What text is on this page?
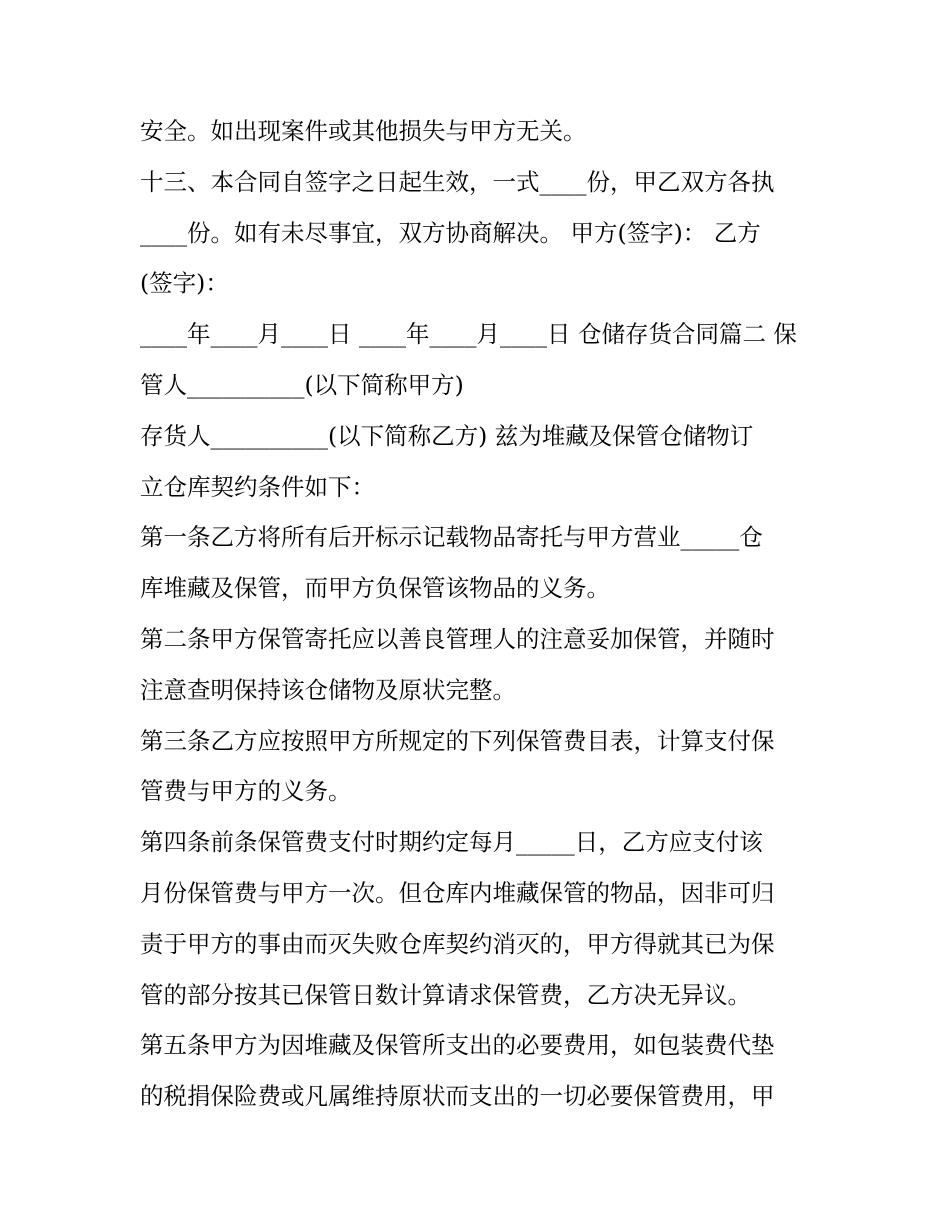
安全。如出现案件或其他损失与甲方无关。
十三、本合同自签字之日起生效，一式____份，甲乙双方各执
____份。如有未尽事宜，双方协商解决。 甲方(签字)： 乙方
(签字)：
____年____月____日 ____年____月____日 仓储存货合同篇二 保
管人__________(以下简称甲方)
存货人__________(以下简称乙方) 兹为堆藏及保管仓储物订
立仓库契约条件如下：
第一条乙方将所有后开标示记载物品寄托与甲方营业_____仓
库堆藏及保管，而甲方负保管该物品的义务。
第二条甲方保管寄托应以善良管理人的注意妥加保管，并随时
注意查明保持该仓储物及原状完整。
第三条乙方应按照甲方所规定的下列保管费目表，计算支付保
管费与甲方的义务。
第四条前条保管费支付时期约定每月_____日，乙方应支付该
月份保管费与甲方一次。但仓库内堆藏保管的物品，因非可归
责于甲方的事由而灭失败仓库契约消灭的，甲方得就其已为保
管的部分按其已保管日数计算请求保管费，乙方决无异议。
第五条甲方为因堆藏及保管所支出的必要费用，如包装费代垫
的税捐保险费或凡属维持原状而支出的一切必要保管费用，甲
